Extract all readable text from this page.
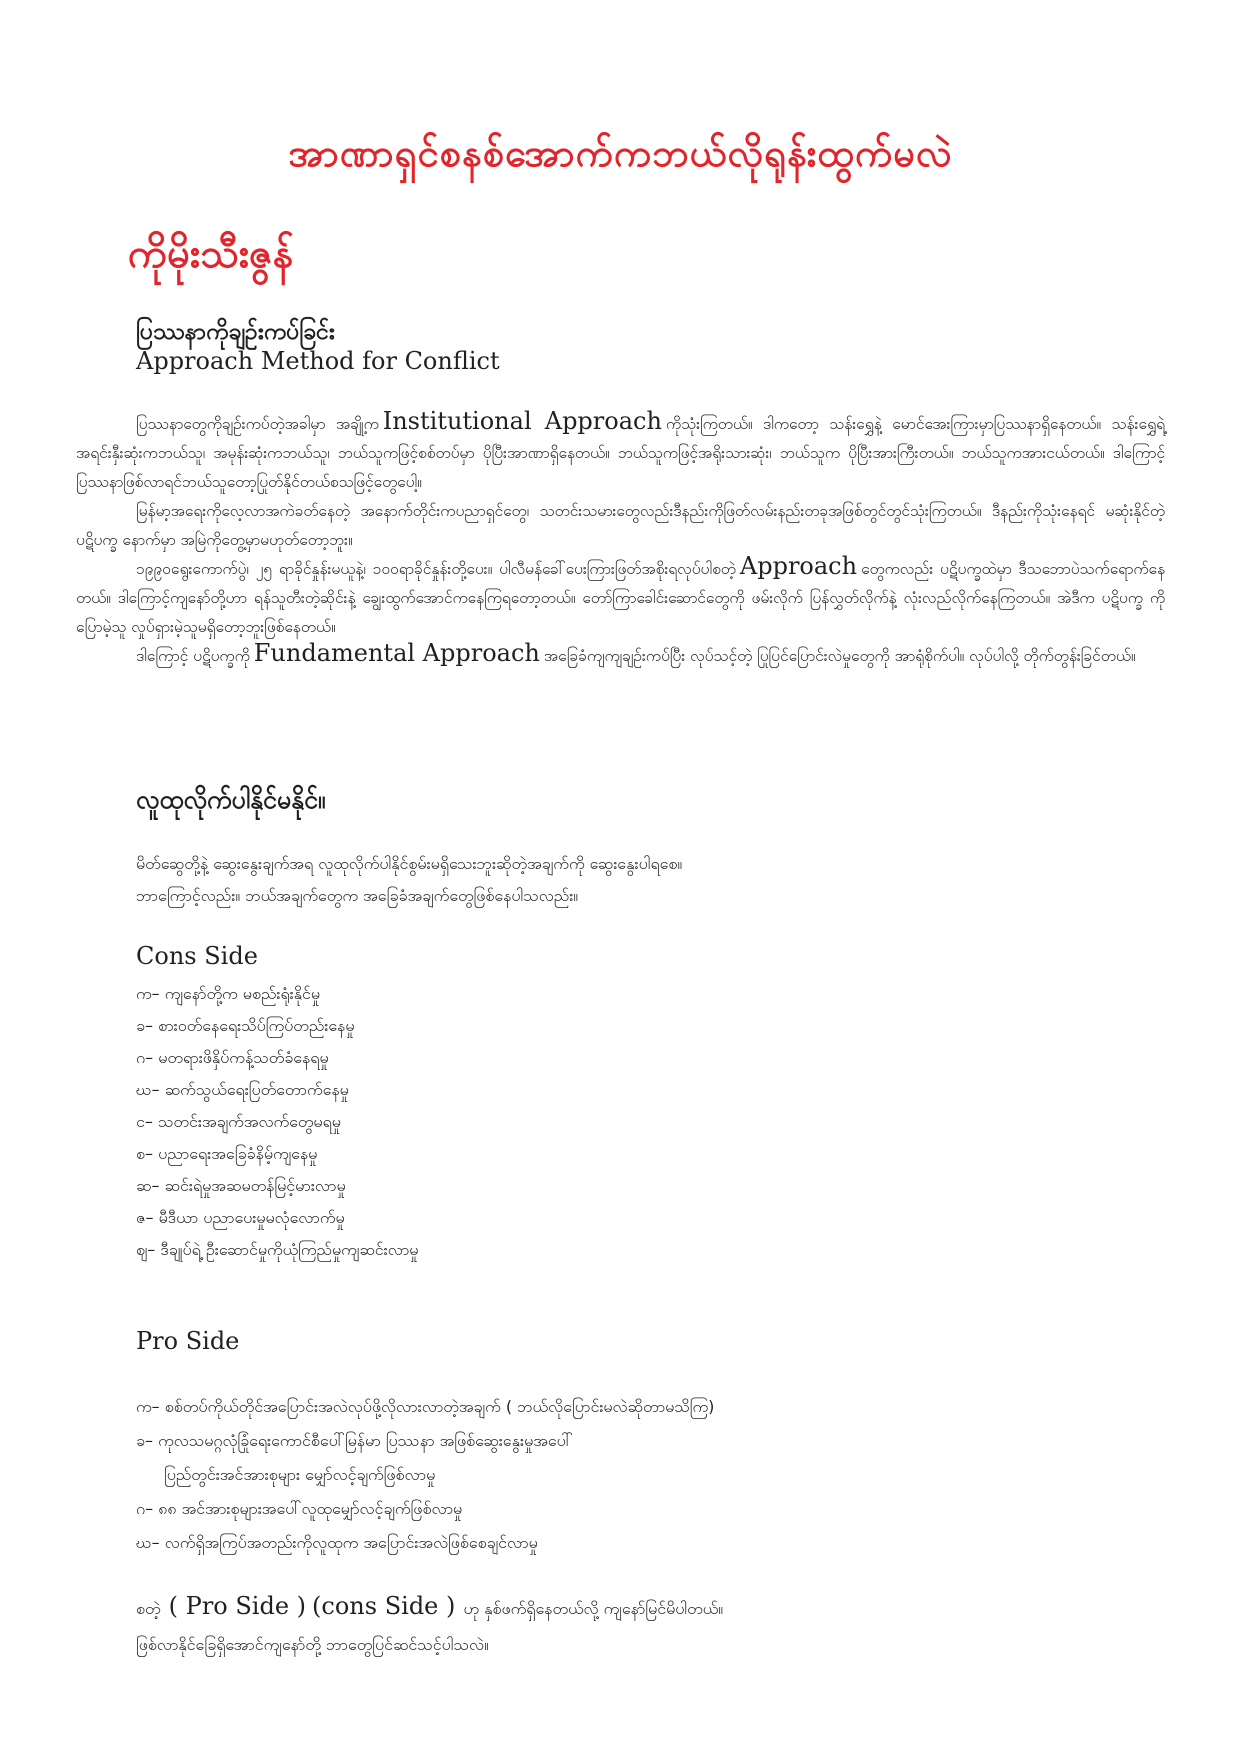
အာဏာရှင်စနစ်အောက်ကဘယ်လိုရုန်းထွက်မလဲ
ကိုမိုးသီးဇွန်
ပြဿနာကိုချဉ်းကပ်ခြင်း
Approach Method for Conflict

ပြဿနာတွေကိုချဉ်းကပ်တဲ့အခါမှာ အချို့က Institutional Approach ကိုသုံးကြတယ်။ ဒါကတော့ သန်းရွှေနဲ့ မောင်အေးကြားမှာပြဿနာရှိနေတယ်။ သန်းရွှေရဲ့အရင်းနှီးဆုံးကဘယ်သူ၊ အမုန်းဆုံးကဘယ်သူ၊ ဘယ်သူကဖြင့်စစ်တပ်မှာ ပိုပြီးအာဏာရှိနေတယ်။ ဘယ်သူကဖြင့်အရိုးသားဆုံး၊ ဘယ်သူက ပိုပြီးအားကြီးတယ်။ ဘယ်သူကအားငယ်တယ်။ ဒါကြောင့် ပြဿနာဖြစ်လာရင်ဘယ်သူတော့ပြုတ်နိုင်တယ်စသဖြင့်တွေပေါ့။

မြန်မာ့အရေးကိုလေ့လာအကဲခတ်နေတဲ့ အနောက်တိုင်းကပညာရှင်တွေ၊ သတင်းသမားတွေလည်းဒီနည်းကိုဖြတ်လမ်းနည်းတခုအဖြစ်တွင်တွင်သုံးကြတယ်။ ဒီနည်းကိုသုံးနေရင် မဆုံးနိုင်တဲ့ ပဋိပက္ခ နောက်မှာ အမြဲကိုတွေ့မှာမဟုတ်တော့ဘူး။

၁၉၉၀ရွေးကောက်ပွဲ၊ ၂၅ ရာခိုင်နှုန်းမယူနဲ့၊ ၁၀၀ရာခိုင်နှုန်းတို့ပေး။ ပါလီမန်ခေါ်ပေးကြားဖြတ်အစိုးရလုပ်ပါစတဲ့ Approach တွေကလည်း ပဋိပက္ခထဲမှာ ဒီသဘောပဲသက်ရောက်နေတယ်။ ဒါကြောင့်ကျနော်တို့ဟာ ရန်သူတီးတဲ့ဆိုင်းနဲ့ ချွေးထွက်အောင်ကနေကြရတော့တယ်။ တော်ကြာခေါင်းဆောင်တွေကို ဖမ်းလိုက် ပြန်လွှတ်လိုက်နဲ့ လုံးလည်လိုက်နေကြတယ်။ အဲဒီက ပဋိပက္ခ ကိုပြောမဲ့သူ လှုပ်ရှားမဲ့သူမရှိတော့ဘူးဖြစ်နေတယ်။

ဒါကြောင့် ပဋိပက္ခကို Fundamental Approach အခြေခံကျကျချဉ်းကပ်ပြီး လုပ်သင့်တဲ့ ပြုပြင်ပြောင်းလဲမှုတွေကို အာရုံစိုက်ပါ။ လုပ်ပါလို့ တိုက်တွန်းခြင်တယ်။

လူထုလိုက်ပါနိုင်မနိုင်။
မိတ်ဆွေတို့နဲ့ ဆွေးနွေးချက်အရ လူထုလိုက်ပါနိုင်စွမ်းမရှိသေးဘူးဆိုတဲ့အချက်ကို ဆွေးနွေးပါရစေ။
ဘာကြောင့်လည်း။ ဘယ်အချက်တွေက အခြေခံအချက်တွေဖြစ်နေပါသလည်း။
Cons Side
က– ကျနော်တို့က မစည်းရုံးနိုင်မှု
ခ– စားဝတ်နေရေးသိပ်ကြပ်တည်းနေမှု
ဂ– မတရားဖိနှိပ်ကန့်သတ်ခံနေရမှု
ဃ– ဆက်သွယ်ရေးပြတ်တောက်နေမှု
င– သတင်းအချက်အလက်တွေမရမှု
စ– ပညာရေးအခြေခံနိမ့်ကျနေမှု
ဆ– ဆင်းရဲမှုအဆမတန်မြင့်မားလာမှု
ဇ– မီဒီယာ ပညာပေးမှုမလုံလောက်မှု
ဈ– ဒီချုပ်ရဲ့ ဦးဆောင်မှုကိုယုံကြည်မှုကျဆင်းလာမှု
Pro Side
က– စစ်တပ်ကိုယ်တိုင်အပြောင်းအလဲလုပ်ဖို့လိုလားလာတဲ့အချက် ( ဘယ်လိုပြောင်းမလဲဆိုတာမသိကြ)
ခ– ကုလသမဂ္ဂလုံခြုံရေးကောင်စီပေါ်မြန်မာ ပြဿနာ အဖြစ်ဆွေးနွေးမှုအပေါ်
ပြည်တွင်းအင်အားစုများ မျှော်လင့်ချက်ဖြစ်လာမှု
ဂ– ၈၈ အင်အားစုများအပေါ်လူထုမျှော်လင့်ချက်ဖြစ်လာမှု
ဃ– လက်ရှိအကြပ်အတည်းကိုလူထုက အပြောင်းအလဲဖြစ်စေချင်လာမှု
စတဲ့ ( Pro Side ) (cons Side ) ဟု နှစ်ဖက်ရှိနေတယ်လို့ ကျနော်မြင်မိပါတယ်။
ဖြစ်လာနိုင်ခြေရှိအောင်ကျနော်တို့ ဘာတွေပြင်ဆင်သင့်ပါသလဲ။
